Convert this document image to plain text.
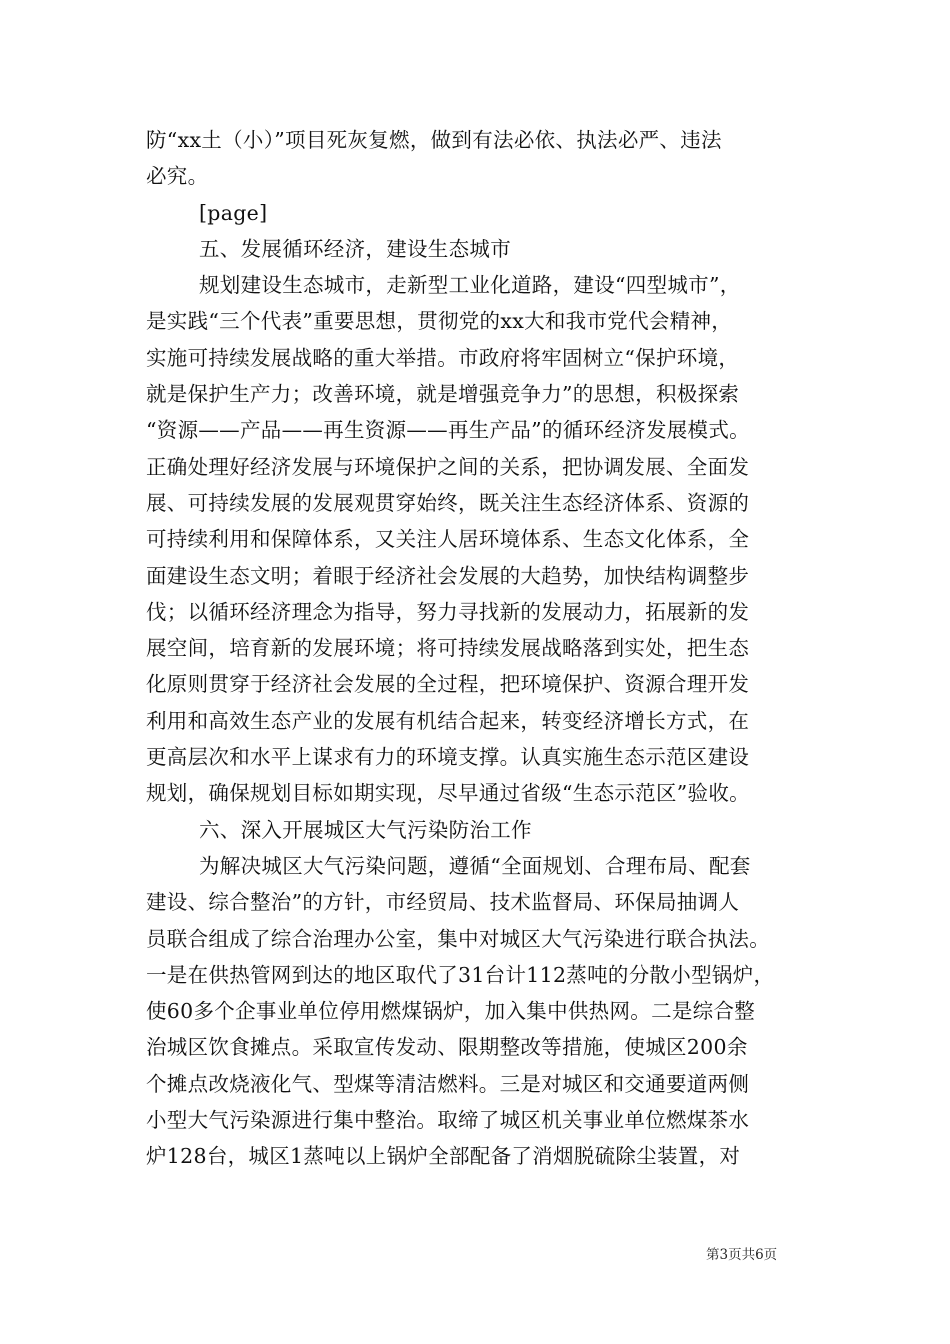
防“xx土（小）”项目死灰复燃，做到有法必依、执法必严、违法
必究。
[page]
五、发展循环经济，建设生态城市
规划建设生态城市，走新型工业化道路，建设“四型城市”，
是实践“三个代表”重要思想，贯彻党的xx大和我市党代会精神，
实施可持续发展战略的重大举措。市政府将牢固树立“保护环境，
就是保护生产力；改善环境，就是增强竞争力”的思想，积极探索
“资源——产品——再生资源——再生产品”的循环经济发展模式。
正确处理好经济发展与环境保护之间的关系，把协调发展、全面发
展、可持续发展的发展观贯穿始终，既关注生态经济体系、资源的
可持续利用和保障体系，又关注人居环境体系、生态文化体系，全
面建设生态文明；着眼于经济社会发展的大趋势，加快结构调整步
伐；以循环经济理念为指导，努力寻找新的发展动力，拓展新的发
展空间，培育新的发展环境；将可持续发展战略落到实处，把生态
化原则贯穿于经济社会发展的全过程，把环境保护、资源合理开发
利用和高效生态产业的发展有机结合起来，转变经济增长方式，在
更高层次和水平上谋求有力的环境支撑。认真实施生态示范区建设
规划，确保规划目标如期实现，尽早通过省级“生态示范区”验收。
六、深入开展城区大气污染防治工作
为解决城区大气污染问题，遵循“全面规划、合理布局、配套
建设、综合整治”的方针，市经贸局、技术监督局、环保局抽调人
员联合组成了综合治理办公室，集中对城区大气污染进行联合执法。
一是在供热管网到达的地区取代了31台计112蒸吨的分散小型锅炉，
使60多个企事业单位停用燃煤锅炉，加入集中供热网。二是综合整
治城区饮食摊点。采取宣传发动、限期整改等措施，使城区200余
个摊点改烧液化气、型煤等清洁燃料。三是对城区和交通要道两侧
小型大气污染源进行集中整治。取缔了城区机关事业单位燃煤茶水
炉128台，城区1蒸吨以上锅炉全部配备了消烟脱硫除尘装置，对
第3页共6页
